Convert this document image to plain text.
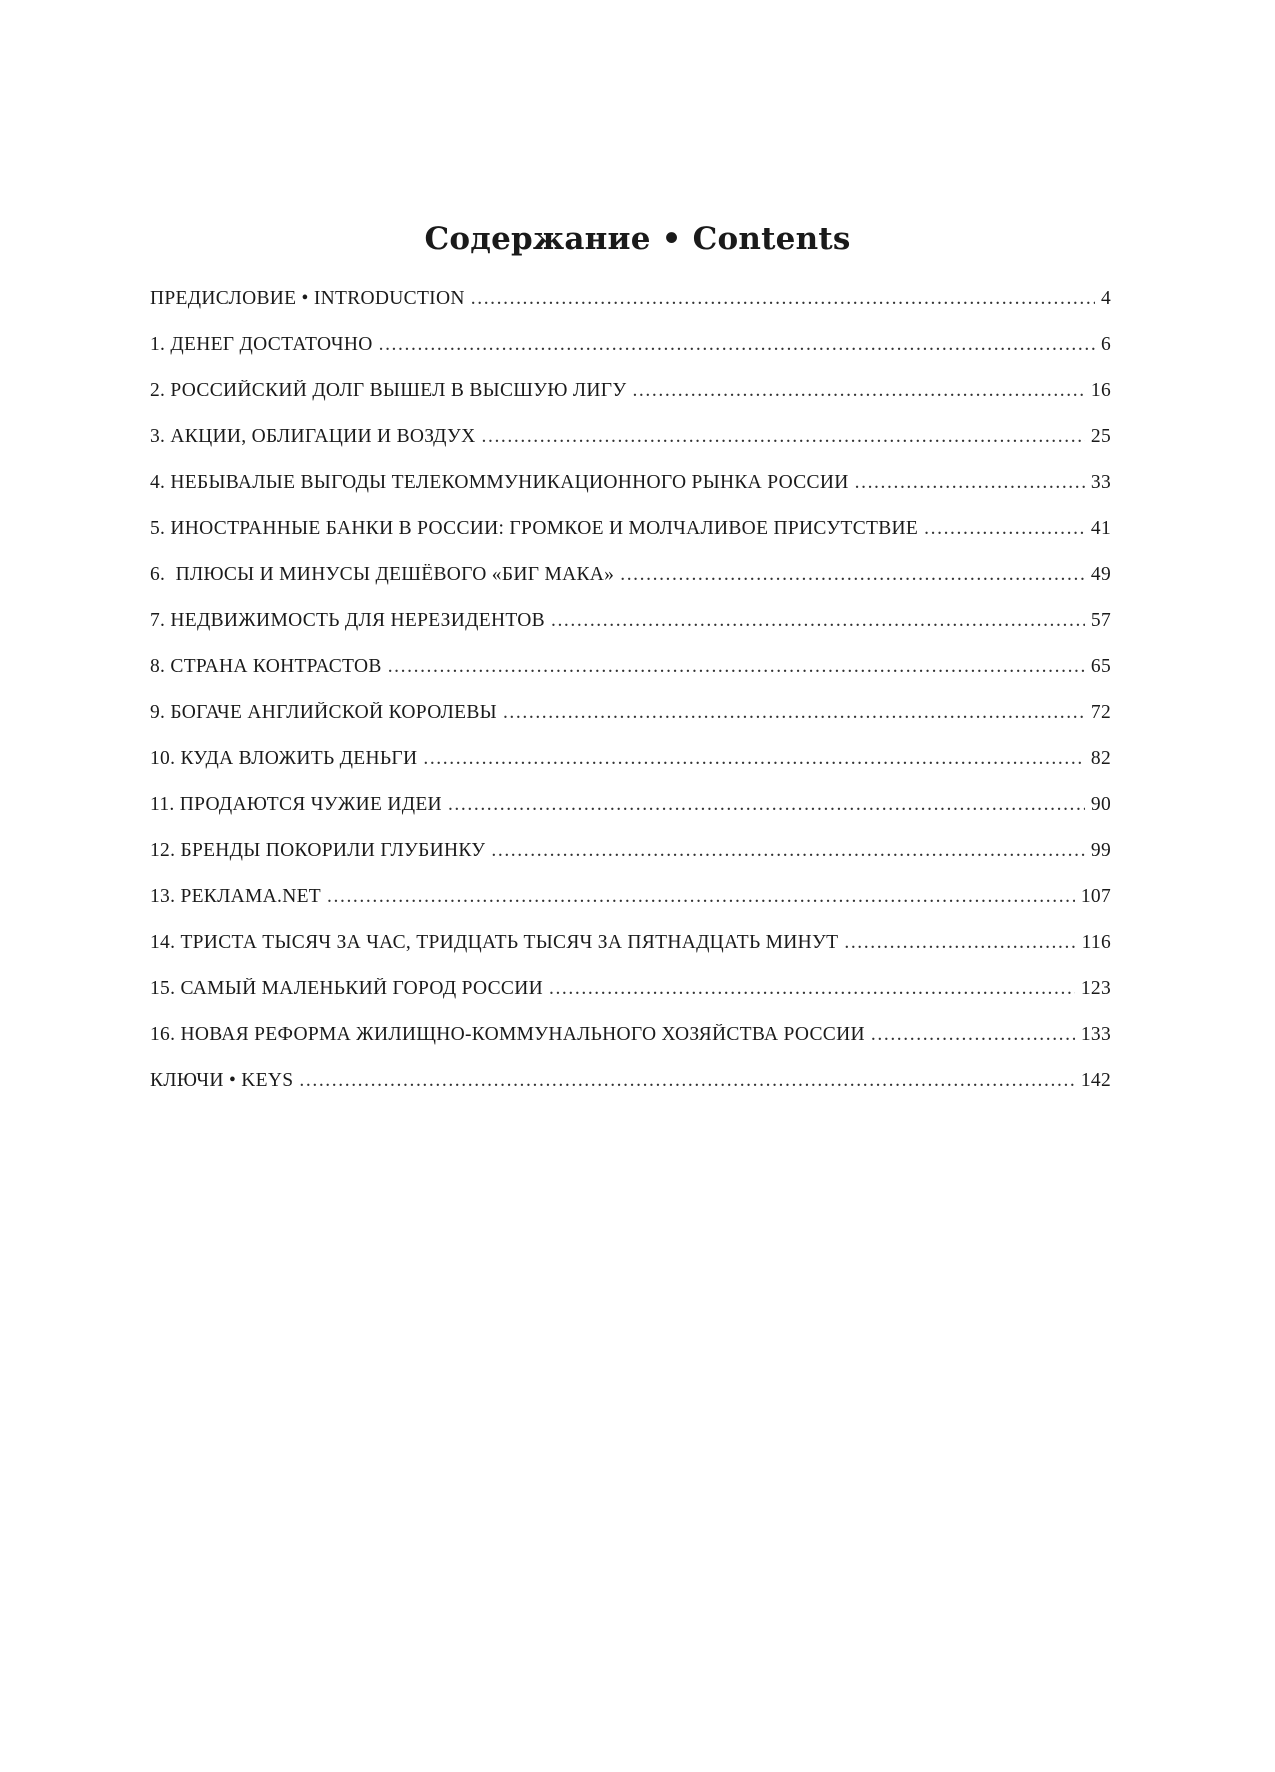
Содержание • Contents
ПРЕДИСЛОВИЕ • INTRODUCTION .....	4
1. ДЕНЕГ ДОСТАТОЧНО .....	6
2. РОССИЙСКИЙ ДОЛГ ВЫШЕЛ В ВЫСШУЮ ЛИГУ .....	16
3. АКЦИИ, ОБЛИГАЦИИ И ВОЗДУХ .....	25
4. НЕБЫВАЛЫЕ ВЫГОДЫ ТЕЛЕКОММУНИКАЦИОННОГО РЫНКА РОССИИ .....	33
5. ИНОСТРАННЫЕ БАНКИ В РОССИИ: ГРОМКОЕ И МОЛЧАЛИВОЕ ПРИСУТСТВИЕ .....	41
6.  ПЛЮСЫ И МИНУСЫ ДЕШЁВОГО «БИГ МАКА» .....	49
7. НЕДВИЖИМОСТЬ ДЛЯ НЕРЕЗИДЕНТОВ .....	57
8. СТРАНА КОНТРАСТОВ .....	65
9. БОГАЧЕ АНГЛИЙСКОЙ КОРОЛЕВЫ .....	72
10. КУДА ВЛОЖИТЬ ДЕНЬГИ .....	82
11. ПРОДАЮТСЯ ЧУЖИЕ ИДЕИ .....	90
12. БРЕНДЫ ПОКОРИЛИ ГЛУБИНКУ .....	99
13. РЕКЛАМА.NET .....	107
14. ТРИСТА ТЫСЯЧ ЗА ЧАС, ТРИДЦАТЬ ТЫСЯЧ ЗА ПЯТНАДЦАТЬ МИНУТ .....	116
15. САМЫЙ МАЛЕНЬКИЙ ГОРОД РОССИИ .....	123
16. НОВАЯ РЕФОРМА ЖИЛИЩНО-КОММУНАЛЬНОГО ХОЗЯЙСТВА РОССИИ .....	133
КЛЮЧИ • KEYS .....	142
